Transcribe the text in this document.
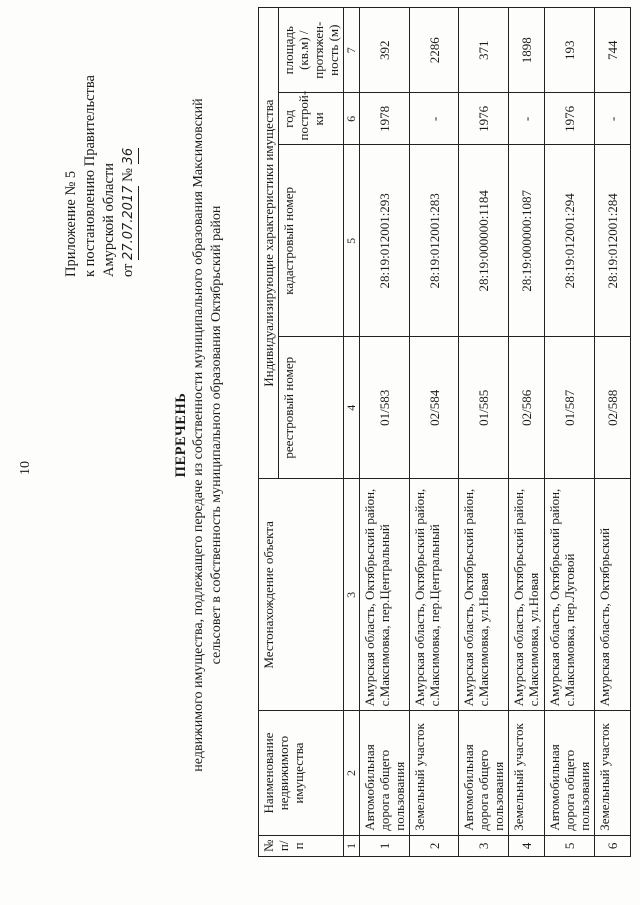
10
Приложение № 5 к постановлению Правительства Амурской области от 27.07.2017 № 36
ПЕРЕЧЕНЬ недвижимого имущества, подлежащего передаче из собственности муниципального образования Максимовский сельсовет в собственность муниципального образования Октябрьский район
№ п/п	Наименование недвижимого имущества	Местонахождение объекта	Индивидуализирующие характеристики имущества			
			реестровый номер	кадастровый номер	год построй-ки	площадь (кв.м) / протяжен-ность (м)
1	2	3	4	5	6	7
1	Автомобильная дорога общего пользования	Амурская область, Октябрьский район, с.Максимовка, пер.Центральный	01/583	28:19:012001:293	1978	392
2	Земельный участок	Амурская область, Октябрьский район, с.Максимовка, пер.Центральный	02/584	28:19:012001:283	-	2286
3	Автомобильная дорога общего пользования	Амурская область, Октябрьский район, с.Максимовка, ул.Новая	01/585	28:19:000000:1184	1976	371
4	Земельный участок	Амурская область, Октябрьский район, с.Максимовка, ул.Новая	02/586	28:19:000000:1087	-	1898
5	Автомобильная дорога общего пользования	Амурская область, Октябрьский район, с.Максимовка, пер.Луговой	01/587	28:19:012001:294	1976	193
6	Земельный участок	Амурская область, Октябрьский	02/588	28:19:012001:284	-	744
